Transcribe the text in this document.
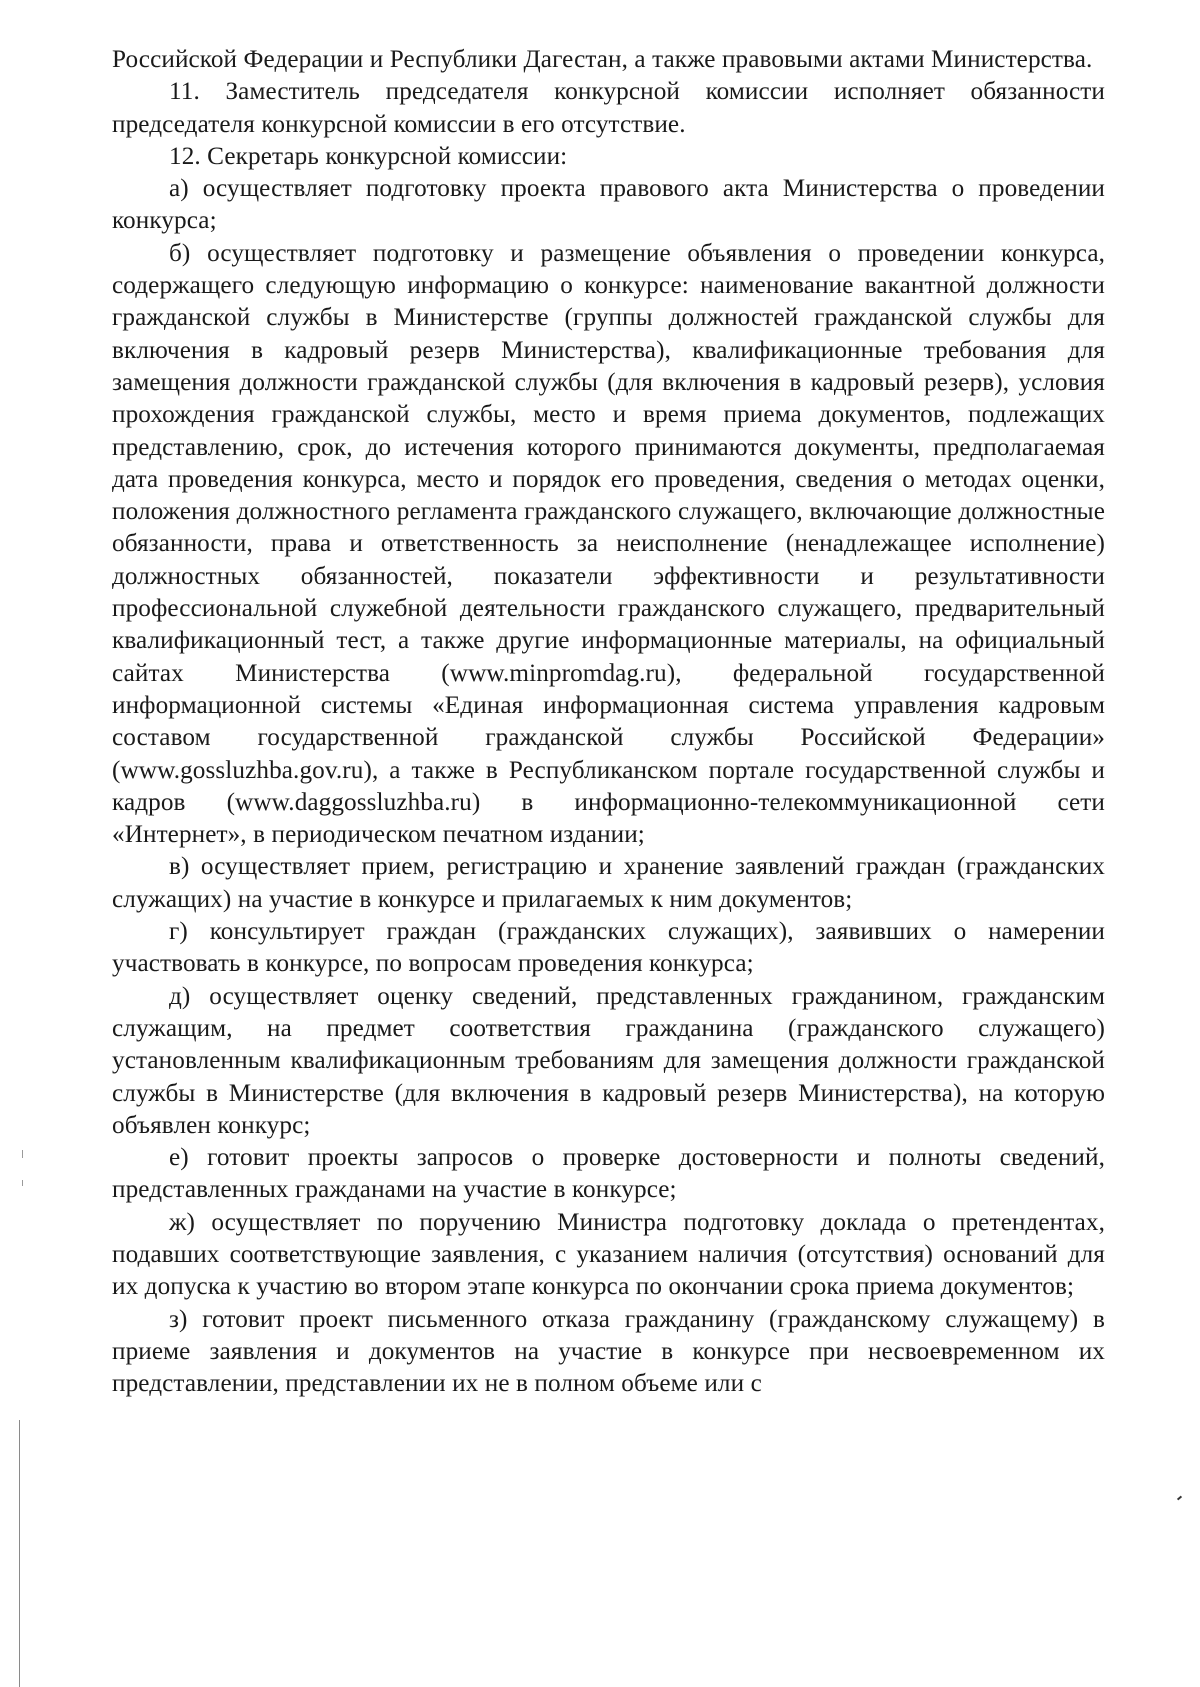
Российской Федерации и Республики Дагестан, а также правовыми актами Министерства.

11. Заместитель председателя конкурсной комиссии исполняет обязанности председателя конкурсной комиссии в его отсутствие.

12. Секретарь конкурсной комиссии:

а) осуществляет подготовку проекта правового акта Министерства о проведении конкурса;

б) осуществляет подготовку и размещение объявления о проведении конкурса, содержащего следующую информацию о конкурсе: наименование вакантной должности гражданской службы в Министерстве (группы должностей гражданской службы для включения в кадровый резерв Министерства), квалификационные требования для замещения должности гражданской службы (для включения в кадровый резерв), условия прохождения гражданской службы, место и время приема документов, подлежащих представлению, срок, до истечения которого принимаются документы, предполагаемая дата проведения конкурса, место и порядок его проведения, сведения о методах оценки, положения должностного регламента гражданского служащего, включающие должностные обязанности, права и ответственность за неисполнение (ненадлежащее исполнение) должностных обязанностей, показатели эффективности и результативности профессиональной служебной деятельности гражданского служащего, предварительный квалификационный тест, а также другие информационные материалы, на официальный сайтах Министерства (www.minpromdag.ru), федеральной государственной информационной системы «Единая информационная система управления кадровым составом государственной гражданской службы Российской Федерации» (www.gossluzhba.gov.ru), а также в Республиканском портале государственной службы и кадров (www.daggossluzhba.ru) в информационно-телекоммуникационной сети «Интернет», в периодическом печатном издании;

в) осуществляет прием, регистрацию и хранение заявлений граждан (гражданских служащих) на участие в конкурсе и прилагаемых к ним документов;

г) консультирует граждан (гражданских служащих), заявивших о намерении участвовать в конкурсе, по вопросам проведения конкурса;

д) осуществляет оценку сведений, представленных гражданином, гражданским служащим, на предмет соответствия гражданина (гражданского служащего) установленным квалификационным требованиям для замещения должности гражданской службы в Министерстве (для включения в кадровый резерв Министерства), на которую объявлен конкурс;

е) готовит проекты запросов о проверке достоверности и полноты сведений, представленных гражданами на участие в конкурсе;

ж) осуществляет по поручению Министра подготовку доклада о претендентах, подавших соответствующие заявления, с указанием наличия (отсутствия) оснований для их допуска к участию во втором этапе конкурса по окончании срока приема документов;

з) готовит проект письменного отказа гражданину (гражданскому служащему) в приеме заявления и документов на участие в конкурсе при несвоевременном их представлении, представлении их не в полном объеме или с
